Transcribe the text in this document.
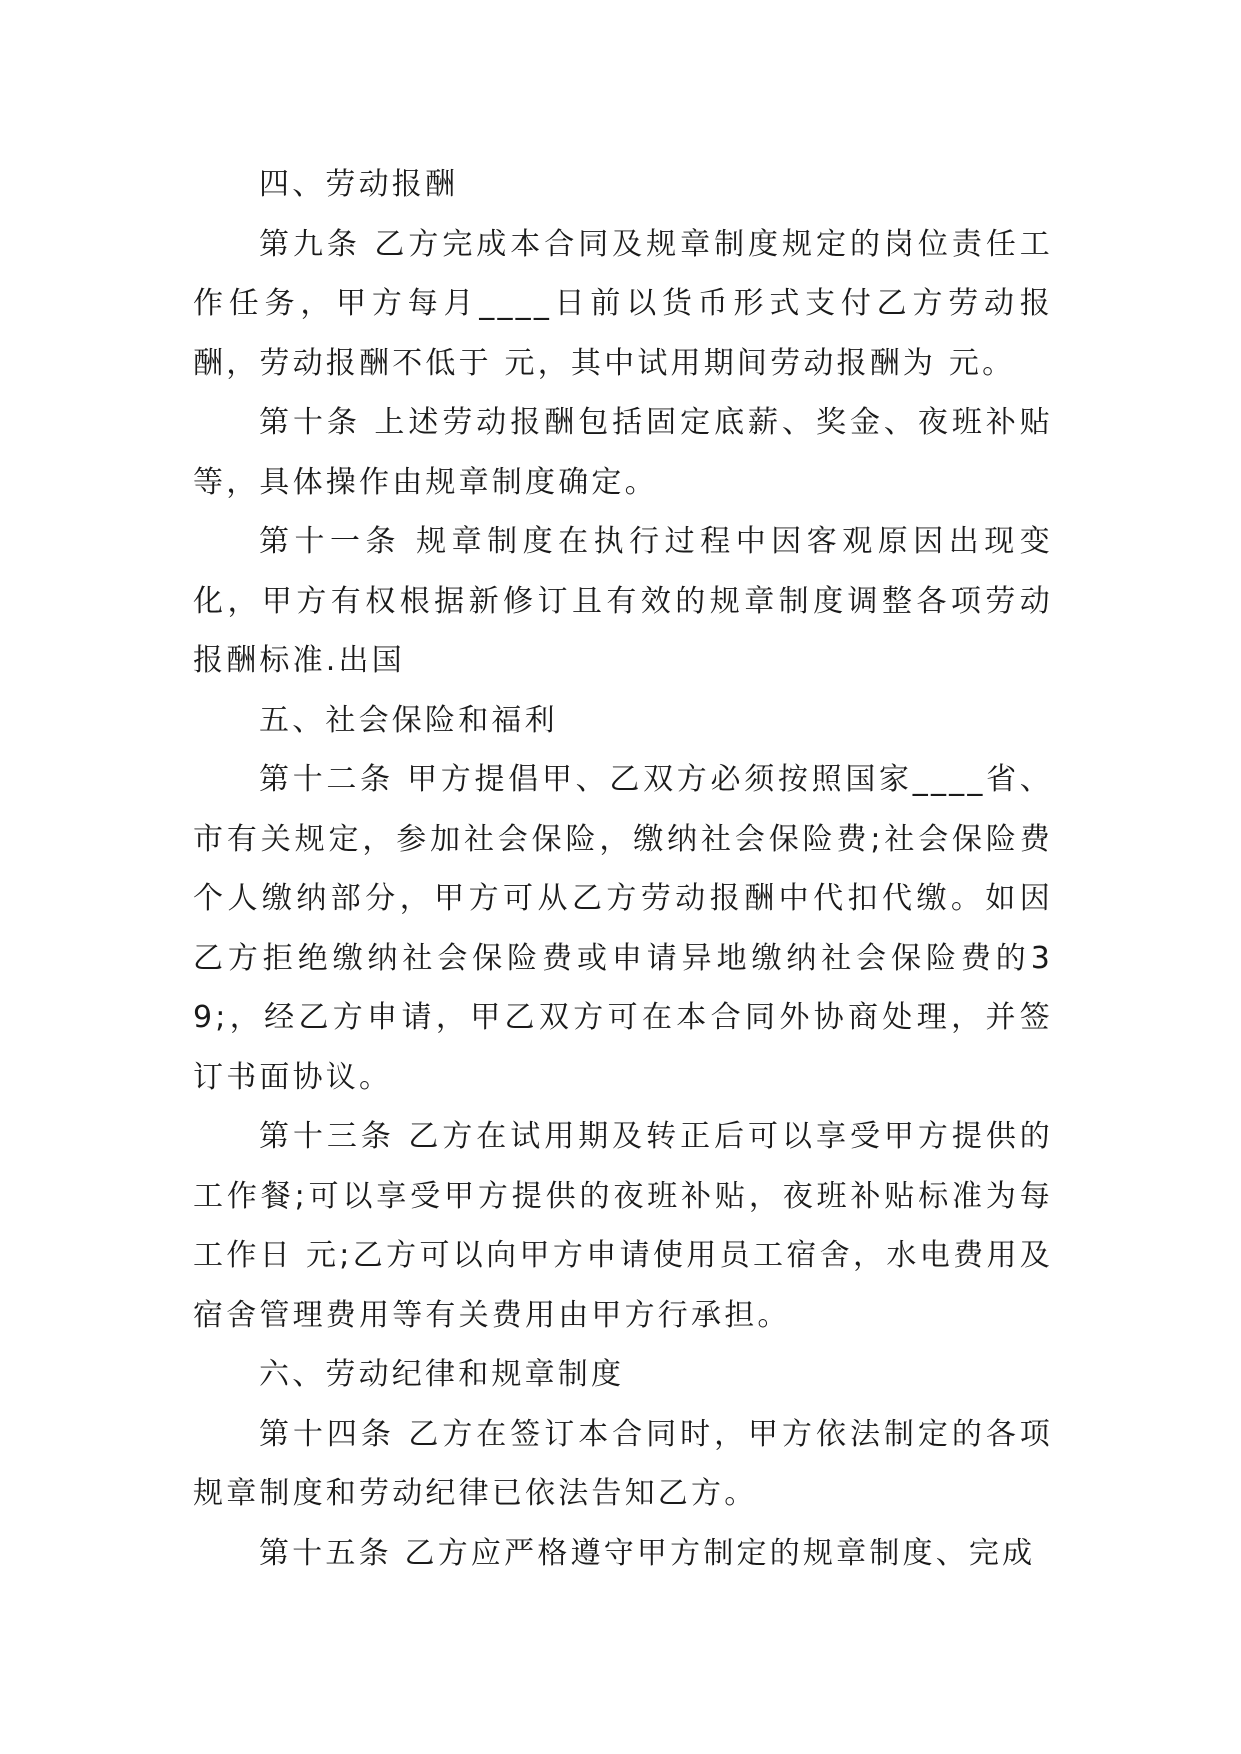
四、劳动报酬

第九条 乙方完成本合同及规章制度规定的岗位责任工作任务，甲方每月____日前以货币形式支付乙方劳动报酬，劳动报酬不低于 元，其中试用期间劳动报酬为 元。

第十条 上述劳动报酬包括固定底薪、奖金、夜班补贴等，具体操作由规章制度确定。

第十一条 规章制度在执行过程中因客观原因出现变化，甲方有权根据新修订且有效的规章制度调整各项劳动报酬标准.出国

五、社会保险和福利

第十二条 甲方提倡甲、乙双方必须按照国家____省、市有关规定，参加社会保险，缴纳社会保险费;社会保险费个人缴纳部分，甲方可从乙方劳动报酬中代扣代缴。如因乙方拒绝缴纳社会保险费或申请异地缴纳社会保险费的39;，经乙方申请，甲乙双方可在本合同外协商处理，并签订书面协议。

第十三条 乙方在试用期及转正后可以享受甲方提供的工作餐;可以享受甲方提供的夜班补贴，夜班补贴标准为每工作日 元;乙方可以向甲方申请使用员工宿舍，水电费用及宿舍管理费用等有关费用由甲方行承担。

六、劳动纪律和规章制度

第十四条 乙方在签订本合同时，甲方依法制定的各项规章制度和劳动纪律已依法告知乙方。

第十五条 乙方应严格遵守甲方制定的规章制度、完成
